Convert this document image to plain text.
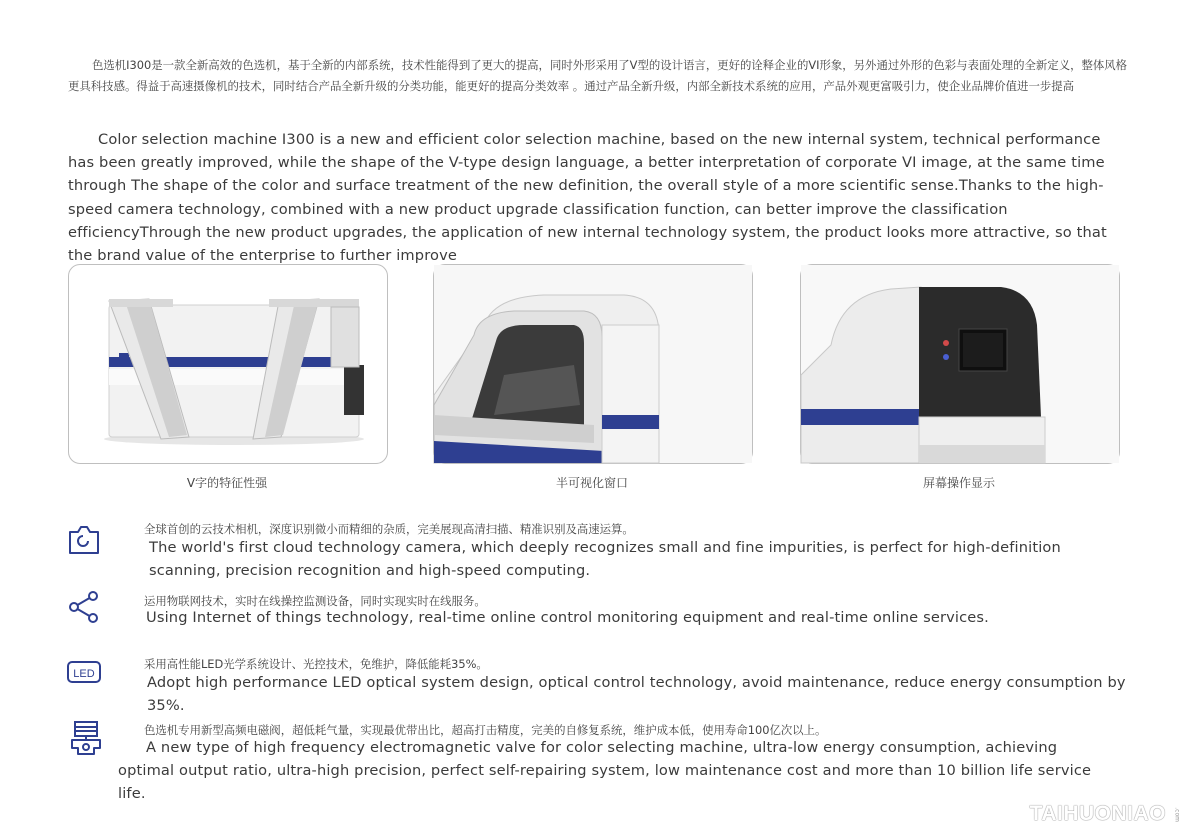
色选机I300是一款全新高效的色选机，基于全新的内部系统，技术性能得到了更大的提高，同时外形采用了V型的设计语言，更好的诠释企业的VI形象，另外通过外形的色彩与表面处理的全新定义，整体风格更具科技感。得益于高速摄像机的技术，同时结合产品全新升级的分类功能，能更好的提高分类效率 。通过产品全新升级，内部全新技术系统的应用，产品外观更富吸引力，使企业品牌价值进一步提高
Color selection machine I300 is a new and efficient color selection machine, based on the new internal system, technical performance has been greatly improved, while the shape of the V-type design language, a better interpretation of corporate VI image, at the same time through The shape of the color and surface treatment of the new definition, the overall style of a more scientific sense.Thanks to the high-speed camera technology, combined with a new product upgrade classification function, can better improve the classification efficiencyThrough the new product upgrades, the application of new internal technology system, the product looks more attractive, so that the brand value of the enterprise to further improve
V字的特征性强	半可视化窗口	屏幕操作显示
全球首创的云技术相机，深度识别微小而精细的杂质，完美展现高清扫描、精准识别及高速运算。
The world's first cloud technology camera, which deeply recognizes small and fine impurities, is perfect for high-definition scanning, precision recognition and high-speed computing.
运用物联网技术，实时在线操控监测设备，同时实现实时在线服务。
Using Internet of things technology, real-time online control monitoring equipment and real-time online services.
LED
采用高性能LED光学系统设计、光控技术，免维护，降低能耗35%。
Adopt high performance LED optical system design, optical control technology, avoid maintenance, reduce energy consumption by 35%.
色选机专用新型高频电磁阀，超低耗气量，实现最优带出比，超高打击精度，完美的自修复系统，维护成本低，使用寿命100亿次以上。
A new type of high frequency electromagnetic valve for color selecting machine, ultra-low energy consumption, achieving optimal output ratio, ultra-high precision, perfect self-repairing system, low maintenance cost and more than 10 billion life service life.
TAIHUONIAO .com
